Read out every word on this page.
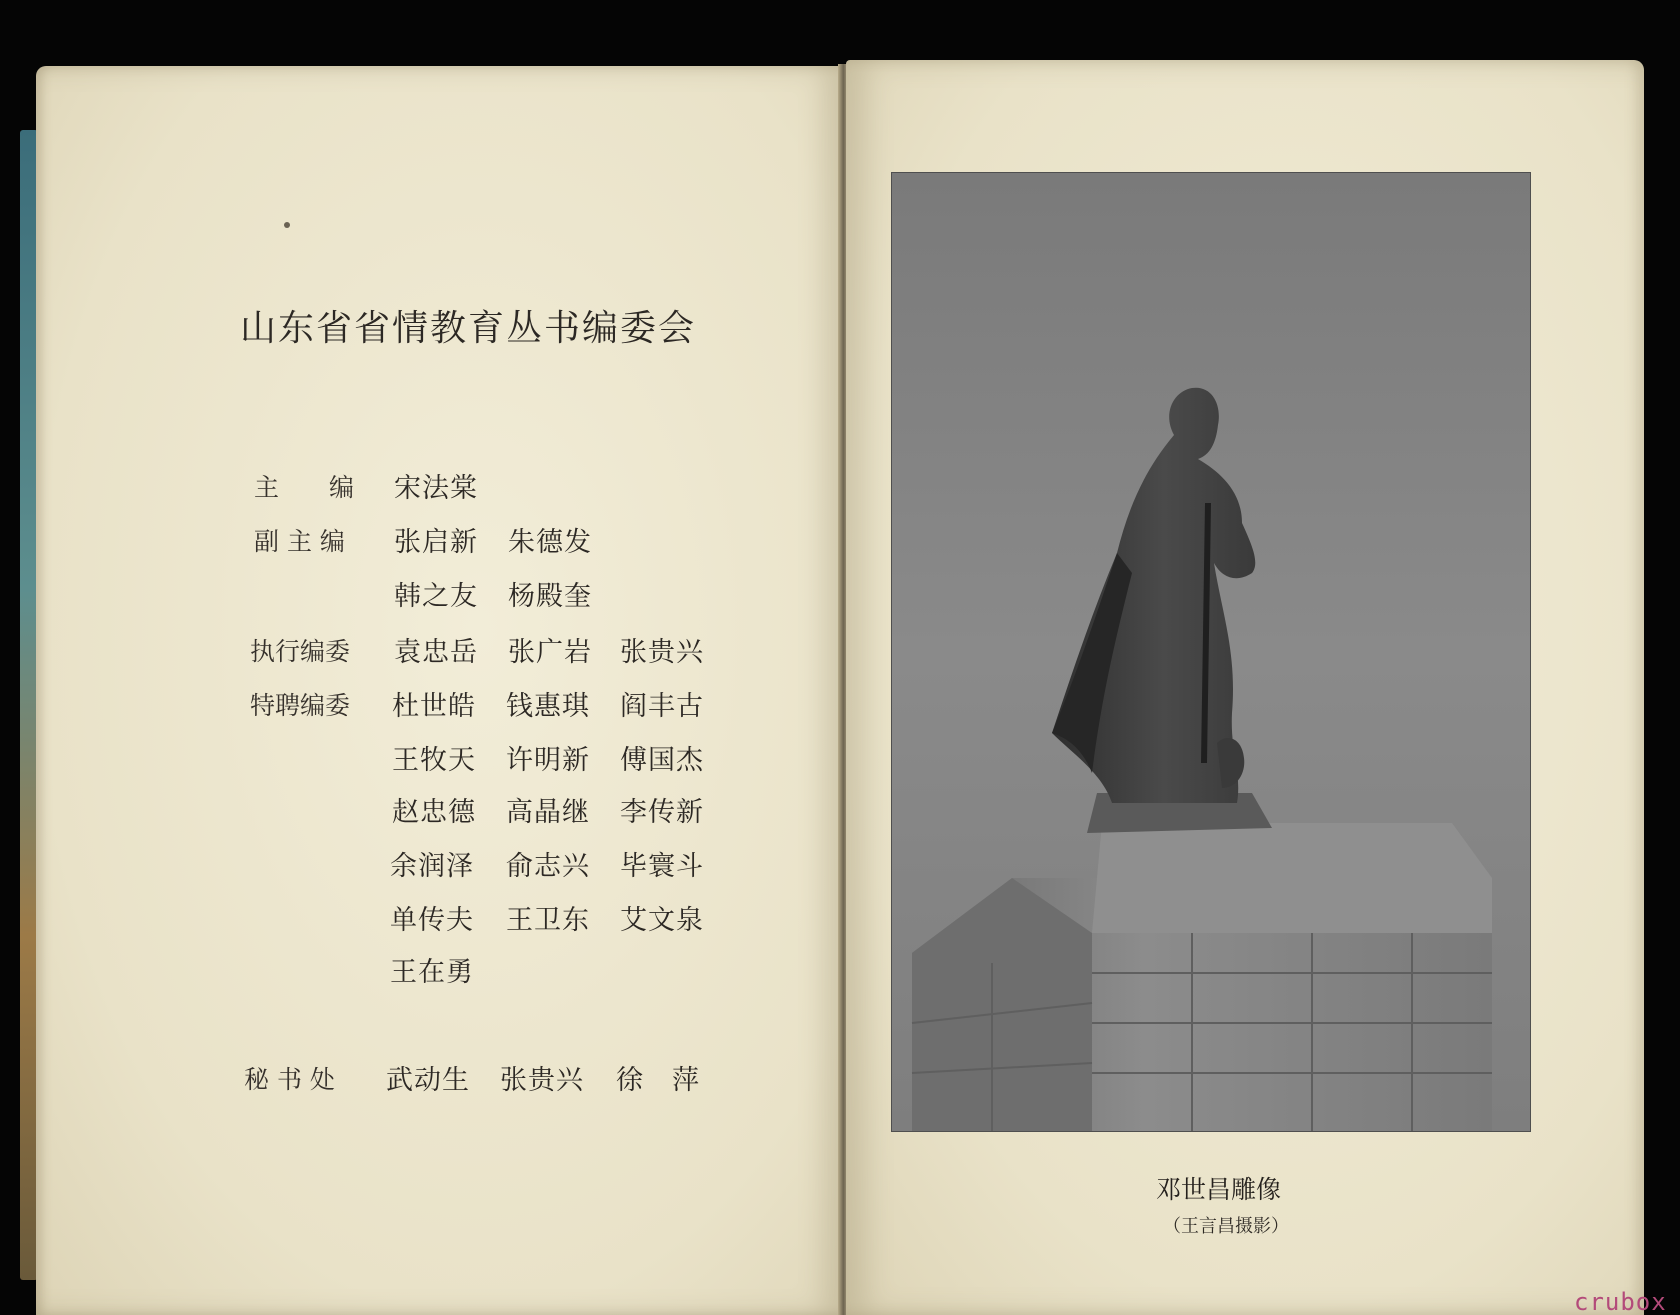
山东省省情教育丛书编委会
主　　编 宋法棠
副 主 编 张启新 朱德发
韩之友 杨殿奎
执行编委 袁忠岳 张广岩 张贵兴
特聘编委 杜世皓 钱惠琪 阎丰古
王牧天 许明新 傅国杰
赵忠德 高晶继 李传新
余润泽 俞志兴 毕寰斗
单传夫 王卫东 艾文泉
王在勇
秘 书 处 武动生 张贵兴 徐　萍
邓世昌雕像
（王言昌摄影）
crubox
